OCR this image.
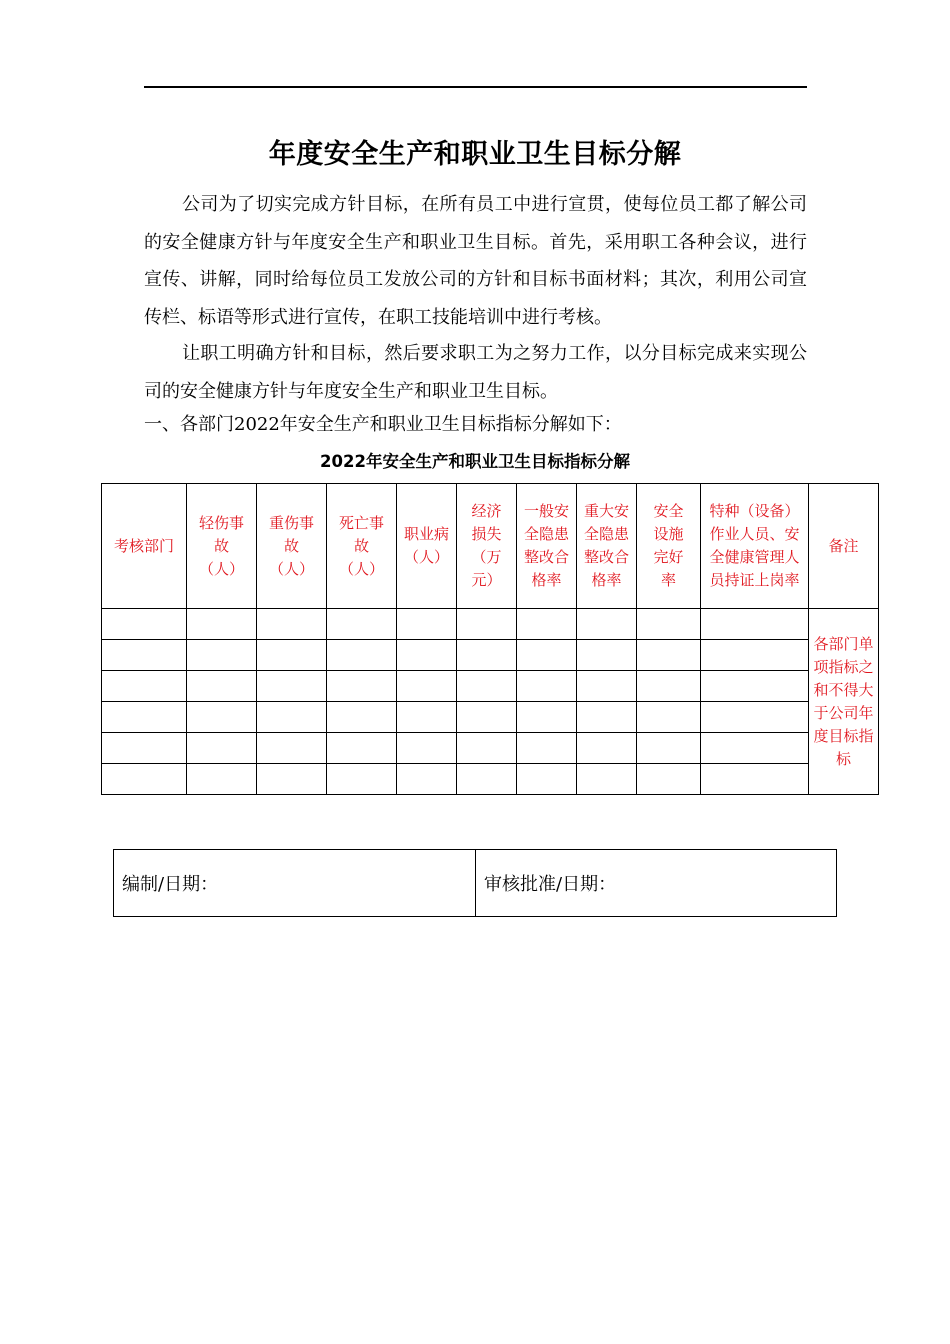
年度安全生产和职业卫生目标分解

公司为了切实完成方针目标，在所有员工中进行宣贯，使每位员工都了解公司的安全健康方针与年度安全生产和职业卫生目标。首先，采用职工各种会议，进行宣传、讲解，同时给每位员工发放公司的方针和目标书面材料；其次，利用公司宣传栏、标语等形式进行宣传，在职工技能培训中进行考核。

让职工明确方针和目标，然后要求职工为之努力工作，以分目标完成来实现公司的安全健康方针与年度安全生产和职业卫生目标。

一、各部门2022年安全生产和职业卫生目标指标分解如下：
2022年安全生产和职业卫生目标指标分解
考核部门	轻伤事故（人）	重伤事故（人）	死亡事故（人）	职业病（人）	经济损失（万元）	一般安全隐患整改合格率	重大安全隐患整改合格率	安全设施完好率	特种（设备）作业人员、安全健康管理人员持证上岗率	备注
										各部门单项指标之和不得大于公司年度目标指标

编制/日期：	审核批准/日期：
